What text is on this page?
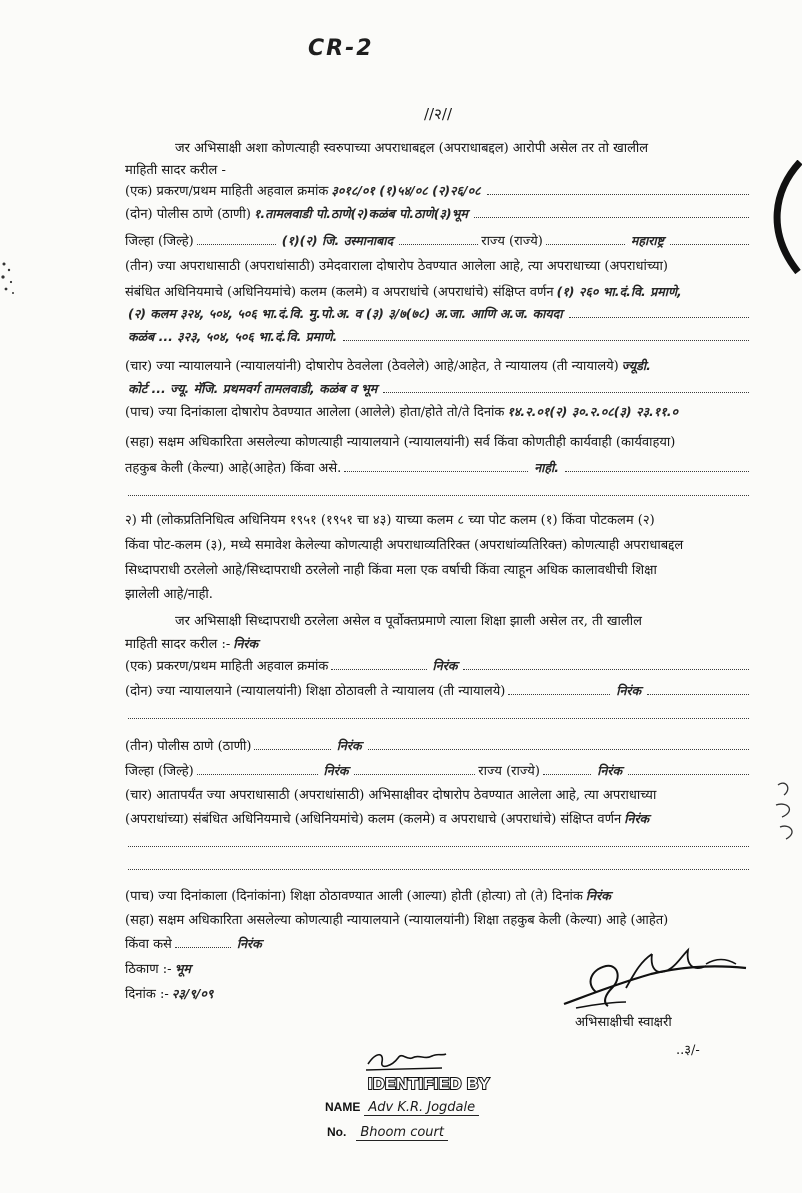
CR-2
//२//
जर अभिसाक्षी अशा कोणत्याही स्वरुपाच्या अपराधाबद्दल (अपराधाबद्दल) आरोपी असेल तर तो खालील
माहिती सादर करील -
(एक) प्रकरण/प्रथम माहिती अहवाल क्रमांक ३०१८/०१ (१)५४/०८ (२)२६/०८
(दोन) पोलीस ठाणे (ठाणी) १.तामलवाडी पो.ठाणे(२)कळंब पो.ठाणे(३)भूम
जिल्हा (जिल्हे)	(१)(२) जि. उस्मानाबाद	राज्य (राज्ये)	महाराष्ट्र
(तीन) ज्या अपराधासाठी (अपराधांसाठी) उमेदवाराला दोषारोप ठेवण्यात आलेला आहे, त्या अपराधाच्या (अपराधांच्या)
संबंधित अधिनियमाचे (अधिनियमांचे) कलम (कलमे) व अपराधांचे (अपराधांचे) संक्षिप्त वर्णन (१) २६० भा.दं.वि. प्रमाणे,
(२) कलम ३२४, ५०४, ५०६ भा.दं.वि. मु.पो.अ. व (३) ३/७(७८) अ.जा. आणि अ.ज. कायदा
कळंब ... ३२३, ५०४, ५०६ भा.दं.वि. प्रमाणे.
(चार) ज्या न्यायालयाने (न्यायालयांनी) दोषारोप ठेवलेला (ठेवलेले) आहे/आहेत, ते न्यायालय (ती न्यायालये) ज्यूडी.
कोर्ट ... ज्यू. मॅजि. प्रथमवर्ग तामलवाडी, कळंब व भूम
(पाच) ज्या दिनांकाला दोषारोप ठेवण्यात आलेला (आलेले) होता/होते तो/ते दिनांक १४.२.०१(२) ३०.२.०८(३) २३.११.०
(सहा) सक्षम अधिकारिता असलेल्या कोणत्याही न्यायालयाने (न्यायालयांनी) सर्व किंवा कोणतीही कार्यवाही (कार्यवाहया)
तहकुब केली (केल्या) आहे(आहेत) किंवा असे.	नाही.
२) मी (लोकप्रतिनिधित्व अधिनियम १९५१ (१९५१ चा ४३) याच्या कलम ८ च्या पोट कलम (१) किंवा पोटकलम (२)
किंवा पोट-कलम (३), मध्ये समावेश केलेल्या कोणत्याही अपराधाव्यतिरिक्त (अपराधांव्यतिरिक्त) कोणत्याही अपराधाबद्दल
सिध्दापराधी ठरलेलो आहे/सिध्दापराधी ठरलेलो नाही किंवा मला एक वर्षाची किंवा त्याहून अधिक कालावधीची शिक्षा
झालेली आहे/नाही.
जर अभिसाक्षी सिध्दापराधी ठरलेला असेल व पूर्वोक्तप्रमाणे त्याला शिक्षा झाली असेल तर, ती खालील
माहिती सादर करील :- निरंक
(एक) प्रकरण/प्रथम माहिती अहवाल क्रमांक	निरंक
(दोन) ज्या न्यायालयाने (न्यायालयांनी) शिक्षा ठोठावली ते न्यायालय (ती न्यायालये)	निरंक
(तीन) पोलीस ठाणे (ठाणी)	निरंक
जिल्हा (जिल्हे)	निरंक	राज्य (राज्ये)	निरंक
(चार) आतापर्यंत ज्या अपराधासाठी (अपराधांसाठी) अभिसाक्षीवर दोषारोप ठेवण्यात आलेला आहे, त्या अपराधाच्या
(अपराधांच्या) संबंधित अधिनियमाचे (अधिनियमांचे) कलम (कलमे) व अपराधाचे (अपराधांचे) संक्षिप्त वर्णन निरंक
(पाच) ज्या दिनांकाला (दिनांकांना) शिक्षा ठोठावण्यात आली (आल्या) होती (होत्या) तो (ते) दिनांक निरंक
(सहा) सक्षम अधिकारिता असलेल्या कोणत्याही न्यायालयाने (न्यायालयांनी) शिक्षा तहकुब केली (केल्या) आहे (आहेत)
किंवा कसे	निरंक
ठिकाण :- भूम
दिनांक :- २३/९/०९
अभिसाक्षीची स्वाक्षरी
..३/-
IDENTIFIED BY
NAME Adv K.R. Jogdale
No.	Bhoom court
